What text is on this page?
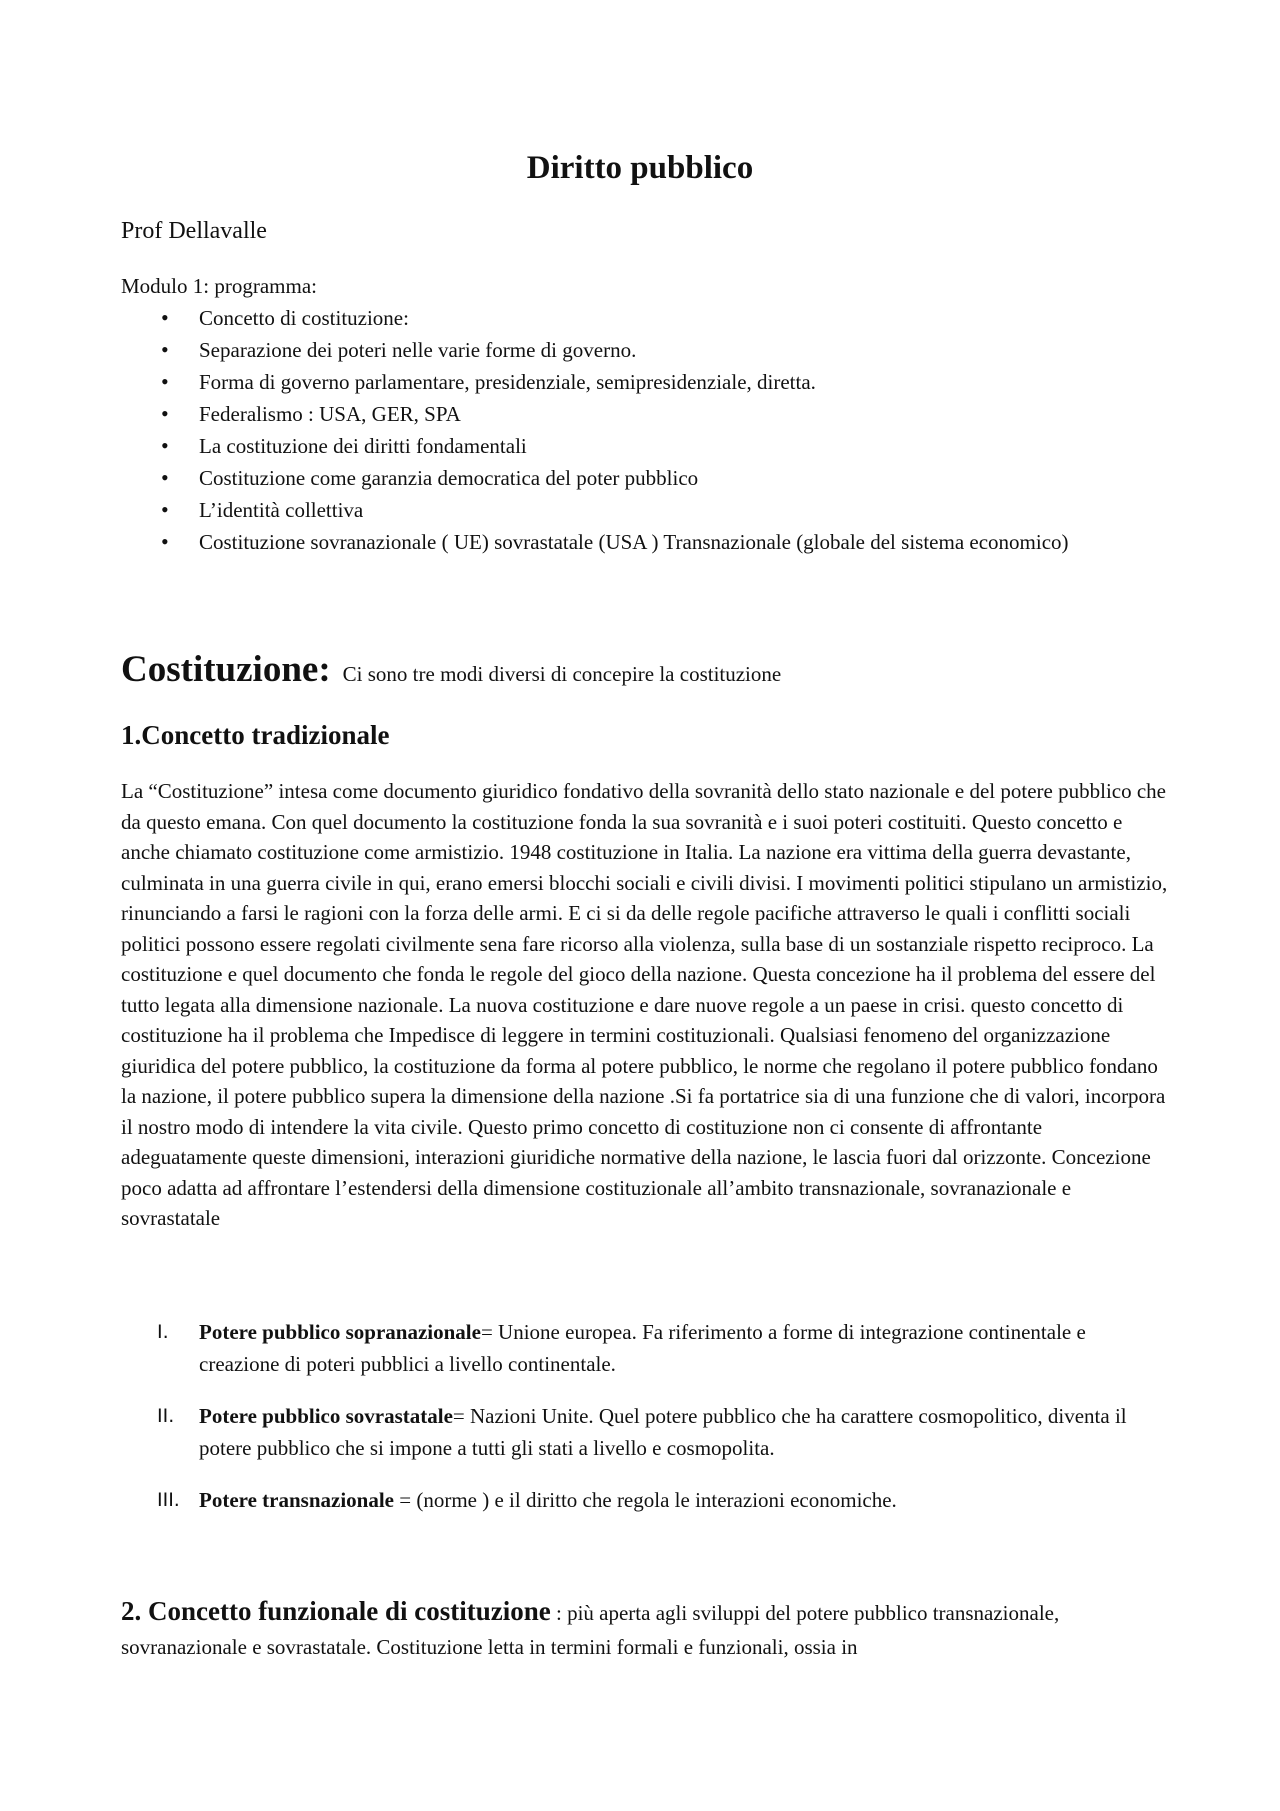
Diritto pubblico

Prof Dellavalle

Modulo 1: programma:

• Concetto di costituzione:
• Separazione dei poteri nelle varie forme di governo.
• Forma di governo parlamentare, presidenziale, semipresidenziale, diretta.
• Federalismo : USA, GER, SPA
• La costituzione dei diritti fondamentali
• Costituzione come garanzia democratica del poter pubblico
• L’identità collettiva
• Costituzione sovranazionale ( UE) sovrastatale (USA ) Transnazionale (globale del sistema economico)

Costituzione: Ci sono tre modi diversi di concepire la costituzione

1.Concetto tradizionale

La “Costituzione” intesa come documento giuridico fondativo della sovranità dello stato nazionale e del potere pubblico che da questo emana. Con quel documento la costituzione fonda la sua sovranità e i suoi poteri costituiti. Questo concetto e anche chiamato costituzione come armistizio. 1948 costituzione in Italia. La nazione era vittima della guerra devastante, culminata in una guerra civile in qui, erano emersi blocchi sociali e civili divisi. I movimenti politici stipulano un armistizio, rinunciando a farsi le ragioni con la forza delle armi. E ci si da delle regole pacifiche attraverso le quali i conflitti sociali politici possono essere regolati civilmente sena fare ricorso alla violenza, sulla base di un sostanziale rispetto reciproco. La costituzione e quel documento che fonda le regole del gioco della nazione. Questa concezione ha il problema del essere del tutto legata alla dimensione nazionale. La nuova costituzione e dare nuove regole a un paese in crisi. questo concetto di costituzione ha il problema che Impedisce di leggere in termini costituzionali. Qualsiasi fenomeno del organizzazione giuridica del potere pubblico, la costituzione da forma al potere pubblico, le norme che regolano il potere pubblico fondano la nazione, il potere pubblico supera la dimensione della nazione .Si fa portatrice sia di una funzione che di valori, incorpora il nostro modo di intendere la vita civile. Questo primo concetto di costituzione non ci consente di affrontante adeguatamente queste dimensioni, interazioni giuridiche normative della nazione, le lascia fuori dal orizzonte. Concezione poco adatta ad affrontare l’estendersi della dimensione costituzionale all’ambito transnazionale, sovranazionale e sovrastatale

I. Potere pubblico sopranazionale= Unione europea. Fa riferimento a forme di integrazione continentale e creazione di poteri pubblici a livello continentale.
II. Potere pubblico sovrastatale= Nazioni Unite. Quel potere pubblico che ha carattere cosmopolitico, diventa il potere pubblico che si impone a tutti gli stati a livello e cosmopolita.
III. Potere transnazionale = (norme ) e il diritto che regola le interazioni economiche.

2. Concetto funzionale di costituzione : più aperta agli sviluppi del potere pubblico transnazionale, sovranazionale e sovrastatale. Costituzione letta in termini formali e funzionali, ossia in
